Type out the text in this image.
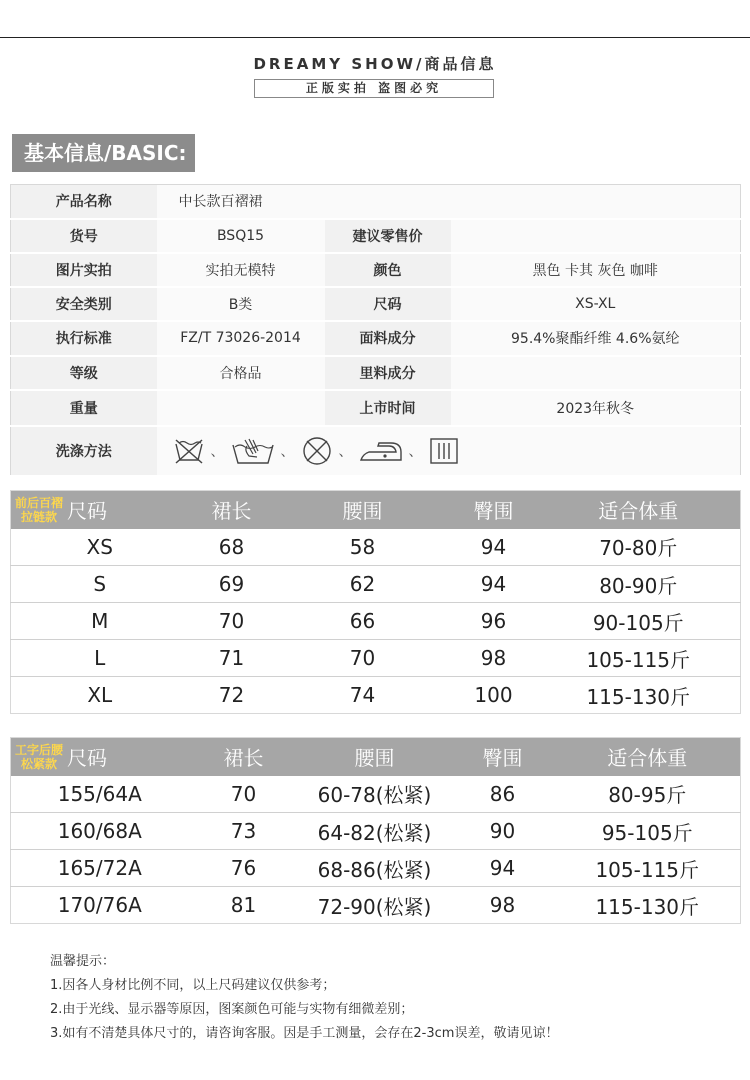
DREAMY SHOW/商品信息
正版实拍 盗图必究
基本信息/BASIC:
产品名称	中长款百褶裙		
货号	BSQ15	建议零售价	
图片实拍	实拍无模特	颜色	黑色 卡其 灰色 咖啡
安全类别	B类	尺码	XS-XL
执行标准	FZ/T 73026-2014	面料成分	95.4%聚酯纤维 4.6%氨纶
等级	合格品	里料成分	
重量		上市时间	2023年秋冬
洗涤方法	、 、 、 、		
前后百褶
拉链款 尺码	裙长	腰围	臀围	适合体重
XS	68	58	94	70-80斤
S	69	62	94	80-90斤
M	70	66	96	90-105斤
L	71	70	98	105-115斤
XL	72	74	100	115-130斤
工字后腰
松紧款 尺码	裙长	腰围	臀围	适合体重
155/64A	70	60-78(松紧)	86	80-95斤
160/68A	73	64-82(松紧)	90	95-105斤
165/72A	76	68-86(松紧)	94	105-115斤
170/76A	81	72-90(松紧)	98	115-130斤
温馨提示：
1.因各人身材比例不同，以上尺码建议仅供参考；
2.由于光线、显示器等原因，图案颜色可能与实物有细微差别；
3.如有不清楚具体尺寸的，请咨询客服。因是手工测量，会存在2-3cm误差，敬请见谅！
